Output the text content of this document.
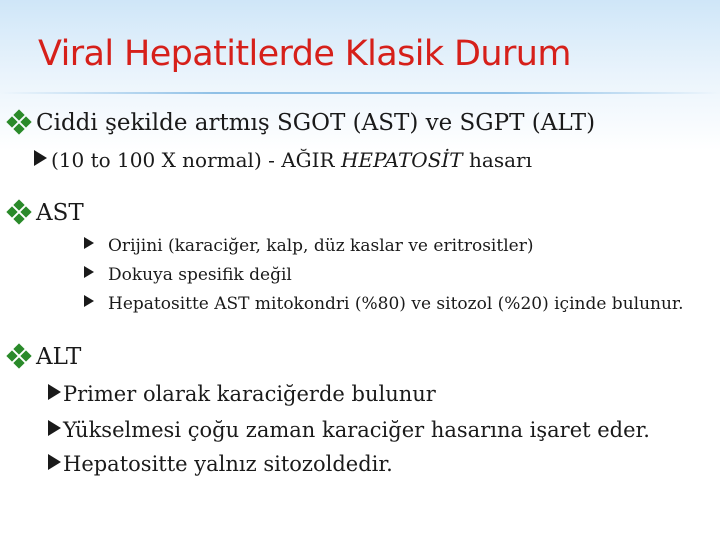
Viral Hepatitlerde Klasik Durum
Ciddi şekilde artmış SGOT (AST) ve SGPT (ALT)
(10 to 100 X normal) - AĞIR HEPATOSİT hasarı
AST
Orijini (karaciğer, kalp, düz kaslar ve eritrositler)
Dokuya spesifik değil
Hepatositte AST mitokondri (%80) ve sitozol (%20) içinde bulunur.
ALT
Primer olarak karaciğerde bulunur
Yükselmesi çoğu zaman karaciğer hasarına işaret eder.
Hepatositte yalnız sitozoldedir.
